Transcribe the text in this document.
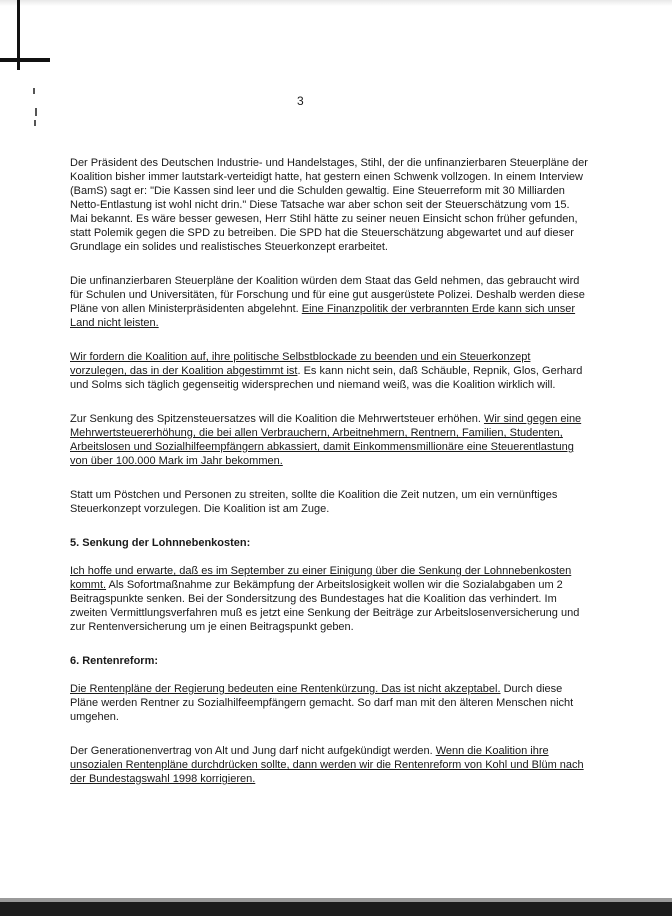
3

Der Präsident des Deutschen Industrie- und Handelstages, Stihl, der die unfinanzierbaren Steuerpläne der Koalition bisher immer lautstark-verteidigt hatte, hat gestern einen Schwenk vollzogen. In einem Interview (BamS) sagt er: "Die Kassen sind leer und die Schulden gewaltig. Eine Steuerreform mit 30 Milliarden Netto-Entlastung ist wohl nicht drin." Diese Tatsache war aber schon seit der Steuerschätzung vom 15. Mai bekannt. Es wäre besser gewesen, Herr Stihl hätte zu seiner neuen Einsicht schon früher gefunden, statt Polemik gegen die SPD zu betreiben. Die SPD hat die Steuerschätzung abgewartet und auf dieser Grundlage ein solides und realistisches Steuerkonzept erarbeitet.

Die unfinanzierbaren Steuerpläne der Koalition würden dem Staat das Geld nehmen, das gebraucht wird für Schulen und Universitäten, für Forschung und für eine gut ausgerüstete Polizei. Deshalb werden diese Pläne von allen Ministerpräsidenten abgelehnt. Eine Finanzpolitik der verbrannten Erde kann sich unser Land nicht leisten.

Wir fordern die Koalition auf, ihre politische Selbstblockade zu beenden und ein Steuerkonzept vorzulegen, das in der Koalition abgestimmt ist. Es kann nicht sein, daß Schäuble, Repnik, Glos, Gerhard und Solms sich täglich gegenseitig widersprechen und niemand weiß, was die Koalition wirklich will.

Zur Senkung des Spitzensteuersatzes will die Koalition die Mehrwertsteuer erhöhen. Wir sind gegen eine Mehrwertsteuererhöhung, die bei allen Verbrauchern, Arbeitnehmern, Rentnern, Familien, Studenten, Arbeitslosen und Sozialhilfeempfängern abkassiert, damit Einkommensmillionäre eine Steuerentlastung von über 100.000 Mark im Jahr bekommen.

Statt um Pöstchen und Personen zu streiten, sollte die Koalition die Zeit nutzen, um ein vernünftiges Steuerkonzept vorzulegen. Die Koalition ist am Zuge.

5. Senkung der Lohnnebenkosten:

Ich hoffe und erwarte, daß es im September zu einer Einigung über die Senkung der Lohnnebenkosten kommt. Als Sofortmaßnahme zur Bekämpfung der Arbeitslosigkeit wollen wir die Sozialabgaben um 2 Beitragspunkte senken. Bei der Sondersitzung des Bundestages hat die Koalition das verhindert. Im zweiten Vermittlungsverfahren muß es jetzt eine Senkung der Beiträge zur Arbeitslosenversicherung und zur Rentenversicherung um je einen Beitragspunkt geben.

6. Rentenreform:

Die Rentenpläne der Regierung bedeuten eine Rentenkürzung. Das ist nicht akzeptabel. Durch diese Pläne werden Rentner zu Sozialhilfeempfängern gemacht. So darf man mit den älteren Menschen nicht umgehen.

Der Generationenvertrag von Alt und Jung darf nicht aufgekündigt werden. Wenn die Koalition ihre unsozialen Rentenpläne durchdrücken sollte, dann werden wir die Rentenreform von Kohl und Blüm nach der Bundestagswahl 1998 korrigieren.
